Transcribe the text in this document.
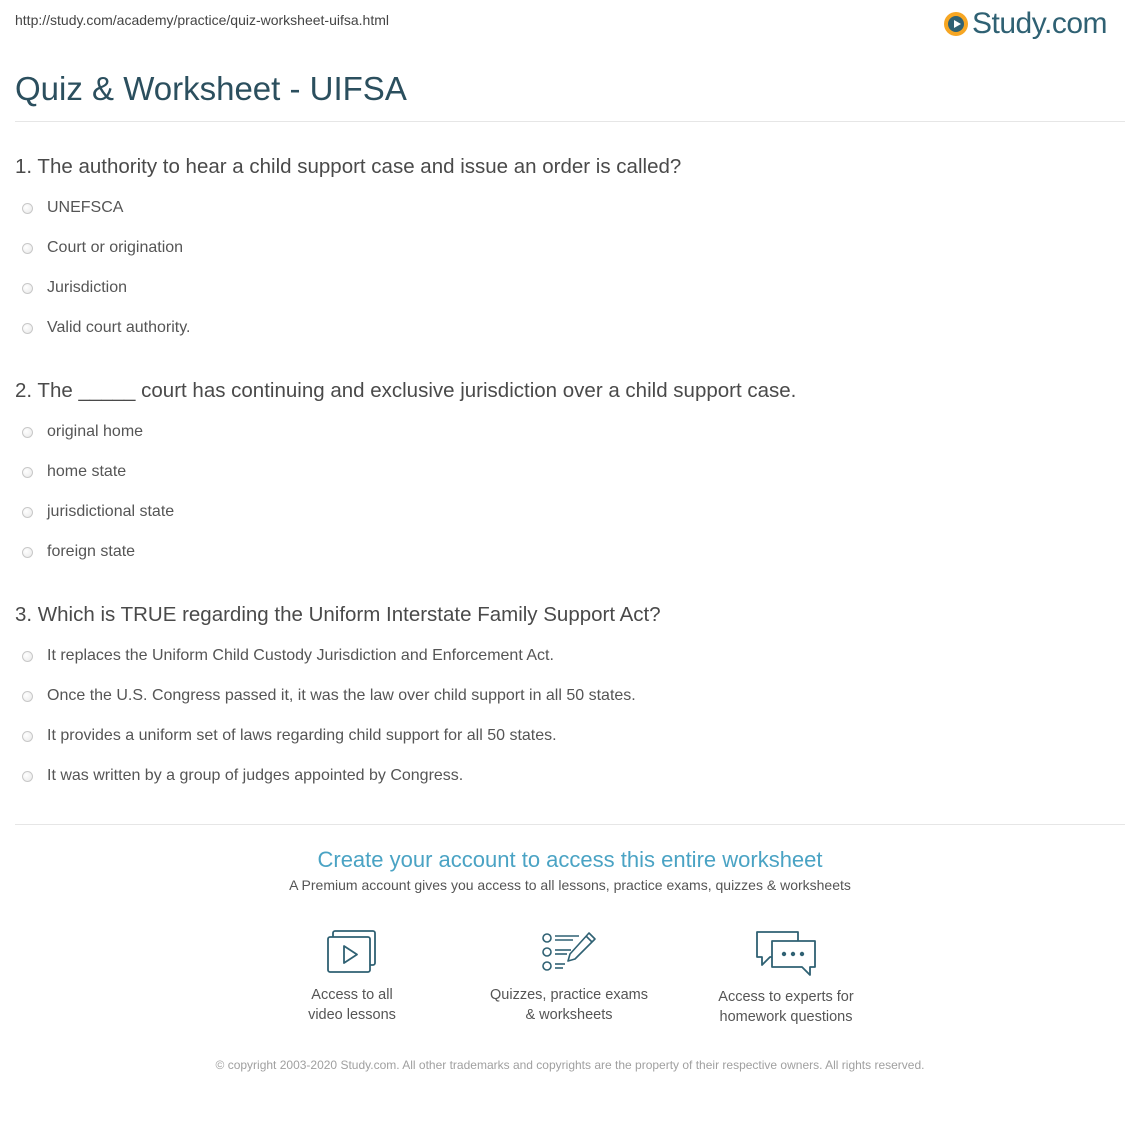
http://study.com/academy/practice/quiz-worksheet-uifsa.html	Study.com
Quiz & Worksheet - UIFSA
1. The authority to hear a child support case and issue an order is called?
UNEFSCA
Court or origination
Jurisdiction
Valid court authority.
2. The _____ court has continuing and exclusive jurisdiction over a child support case.
original home
home state
jurisdictional state
foreign state
3. Which is TRUE regarding the Uniform Interstate Family Support Act?
It replaces the Uniform Child Custody Jurisdiction and Enforcement Act.
Once the U.S. Congress passed it, it was the law over child support in all 50 states.
It provides a uniform set of laws regarding child support for all 50 states.
It was written by a group of judges appointed by Congress.
Create your account to access this entire worksheet
A Premium account gives you access to all lessons, practice exams, quizzes & worksheets
Access to all
video lessons
Quizzes, practice exams
& worksheets
Access to experts for
homework questions
© copyright 2003-2020 Study.com. All other trademarks and copyrights are the property of their respective owners. All rights reserved.
